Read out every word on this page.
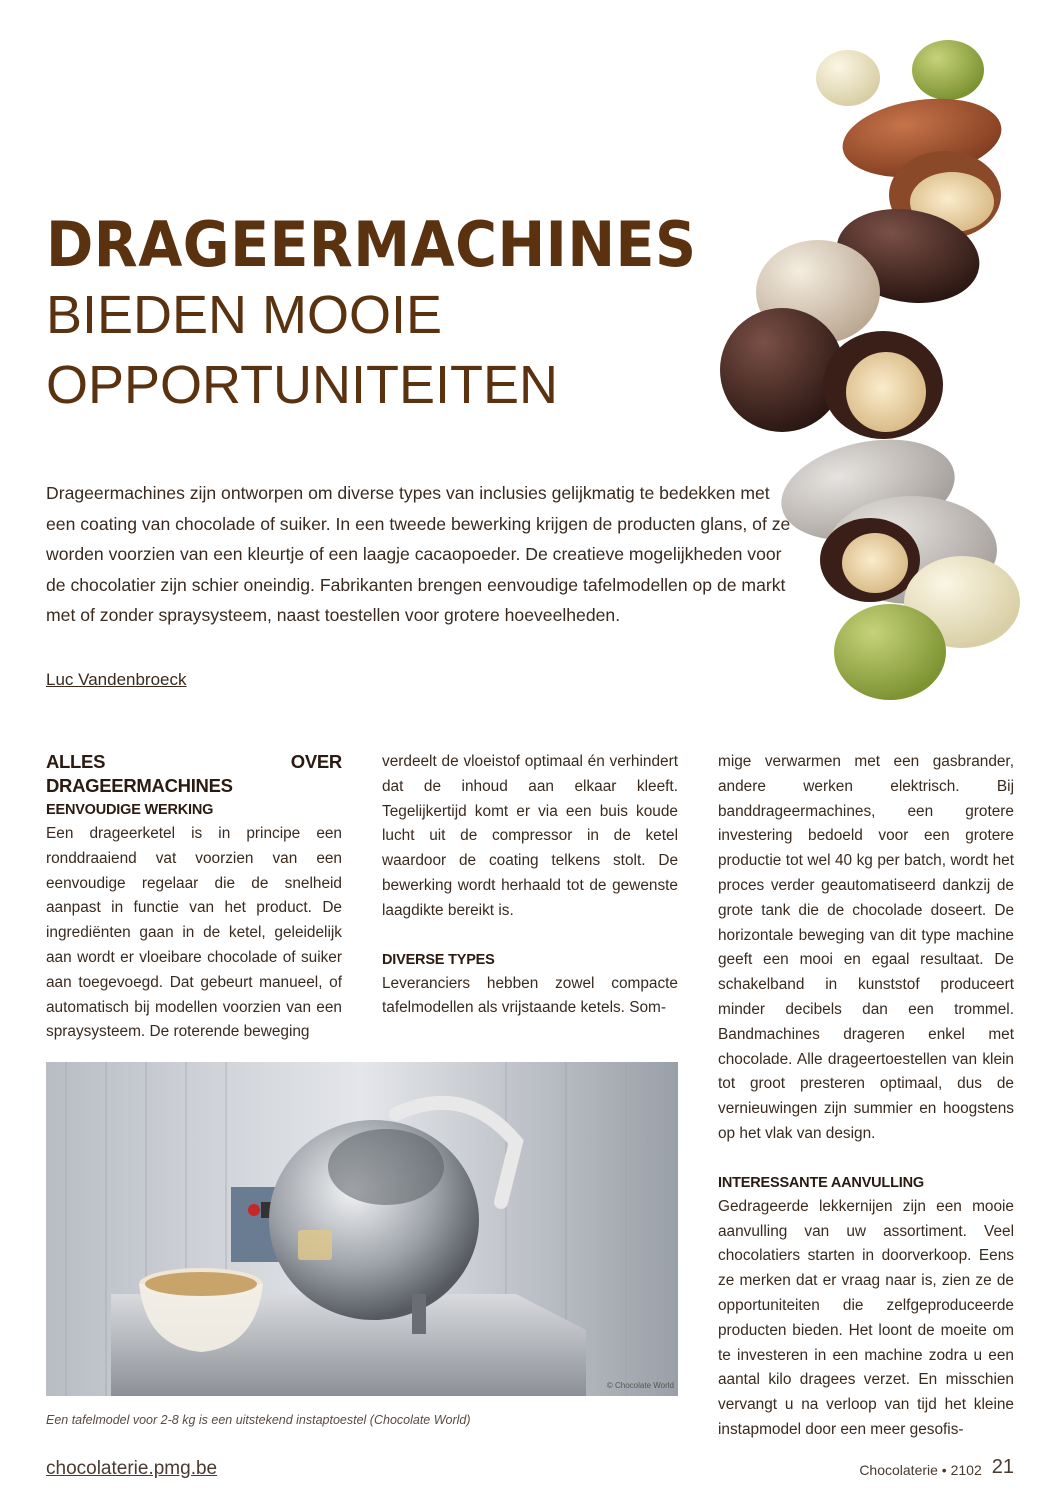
DRAGEERMACHINES
BIEDEN MOOIE
OPPORTUNITEITEN
Drageermachines zijn ontworpen om diverse types van inclusies gelijkmatig te bedekken met een coating van chocolade of suiker. In een tweede bewerking krijgen de producten glans, of ze worden voorzien van een kleurtje of een laagje cacaopoeder. De creatieve mogelijkheden voor de chocolatier zijn schier oneindig. Fabrikanten brengen eenvoudige tafelmodellen op de markt met of zonder spraysysteem, naast toestellen voor grotere hoeveelheden.
Luc Vandenbroeck

ALLES OVER DRAGEERMACHINES

EENVOUDIGE WERKING

Een drageerketel is in principe een ronddraaiend vat voorzien van een eenvoudige regelaar die de snelheid aanpast in functie van het product. De ingrediënten gaan in de ketel, geleidelijk aan wordt er vloeibare chocolade of suiker aan toegevoegd. Dat gebeurt manueel, of automatisch bij modellen voorzien van een spraysysteem. De roterende beweging

verdeelt de vloeistof optimaal én verhindert dat de inhoud aan elkaar kleeft. Tegelijkertijd komt er via een buis koude lucht uit de compressor in de ketel waardoor de coating telkens stolt. De bewerking wordt herhaald tot de gewenste laagdikte bereikt is.

DIVERSE TYPES

Leveranciers hebben zowel compacte tafelmodellen als vrijstaande ketels. Som-

mige verwarmen met een gasbrander, andere werken elektrisch. Bij banddrageermachines, een grotere investering bedoeld voor een grotere productie tot wel 40 kg per batch, wordt het proces verder geautomatiseerd dankzij de grote tank die de chocolade doseert. De horizontale beweging van dit type machine geeft een mooi en egaal resultaat. De schakelband in kunststof produceert minder decibels dan een trommel. Bandmachines drageren enkel met chocolade. Alle drageertoestellen van klein tot groot presteren optimaal, dus de vernieuwingen zijn summier en hoogstens op het vlak van design.

INTERESSANTE AANVULLING

Gedrageerde lekkernijen zijn een mooie aanvulling van uw assortiment. Veel chocolatiers starten in doorverkoop. Eens ze merken dat er vraag naar is, zien ze de opportuniteiten die zelfgeproduceerde producten bieden. Het loont de moeite om te investeren in een machine zodra u een aantal kilo dragees verzet. En misschien vervangt u na verloop van tijd het kleine instapmodel door een meer gesofis-

© Chocolate World
Een tafelmodel voor 2-8 kg is een uitstekend instaptoestel (Chocolate World)
chocolaterie.pmg.be	Chocolaterie • 2102 21
